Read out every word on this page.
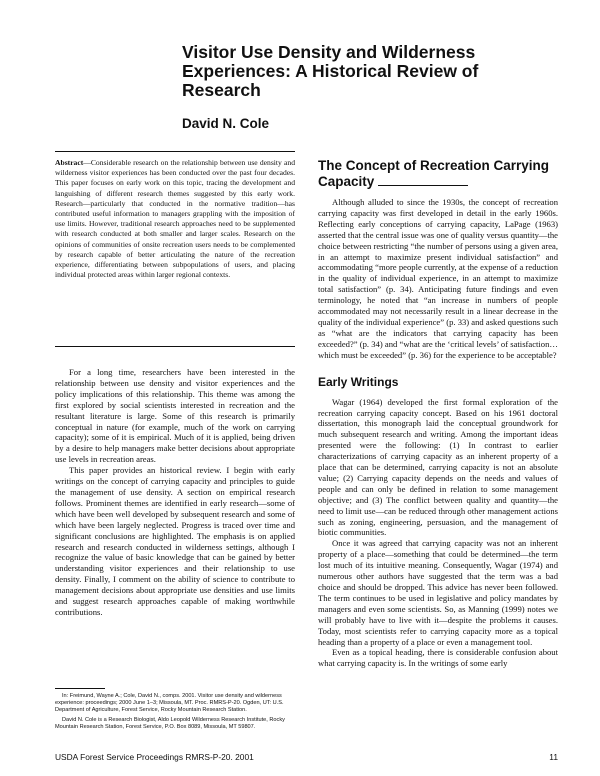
Visitor Use Density and Wilderness Experiences: A Historical Review of Research
David N. Cole

Abstract—Considerable research on the relationship between use density and wilderness visitor experiences has been conducted over the past four decades. This paper focuses on early work on this topic, tracing the development and languishing of different research themes suggested by this early work. Research—particularly that conducted in the normative tradition—has contributed useful information to managers grappling with the imposition of use limits. However, traditional research approaches need to be supplemented with research conducted at both smaller and larger scales. Research on the opinions of communities of onsite recreation users needs to be complemented by research capable of better articulating the nature of the recreation experience, differentiating between subpopulations of users, and placing individual protected areas within larger regional contexts.

For a long time, researchers have been interested in the relationship between use density and visitor experiences and the policy implications of this relationship. This theme was among the first explored by social scientists interested in recreation and the resultant literature is large. Some of this research is primarily conceptual in nature (for example, much of the work on carrying capacity); some of it is empirical. Much of it is applied, being driven by a desire to help managers make better decisions about appropriate use levels in recreation areas.

This paper provides an historical review. I begin with early writings on the concept of carrying capacity and principles to guide the management of use density. A section on empirical research follows. Prominent themes are identified in early research—some of which have been well developed by subsequent research and some of which have been largely neglected. Progress is traced over time and significant conclusions are highlighted. The emphasis is on applied research and research conducted in wilderness settings, although I recognize the value of basic knowledge that can be gained by better understanding visitor experiences and their relationship to use density. Finally, I comment on the ability of science to contribute to management decisions about appropriate use densities and use limits and suggest research approaches capable of making worthwhile contributions.

The Concept of Recreation Carrying Capacity

Although alluded to since the 1930s, the concept of recreation carrying capacity was first developed in detail in the early 1960s. Reflecting early conceptions of carrying capacity, LaPage (1963) asserted that the central issue was one of quality versus quantity—the choice between restricting “the number of persons using a given area, in an attempt to maximize present individual satisfaction” and accommodating “more people currently, at the expense of a reduction in the quality of individual experience, in an attempt to maximize total satisfaction” (p. 34). Anticipating future findings and even terminology, he noted that “an increase in numbers of people accommodated may not necessarily result in a linear decrease in the quality of the individual experience” (p. 33) and asked questions such as “what are the indicators that carrying capacity has been exceeded?” (p. 34) and “what are the ‘critical levels’ of satisfaction…which must be exceeded” (p. 36) for the experience to be acceptable?

Early Writings

Wagar (1964) developed the first formal exploration of the recreation carrying capacity concept. Based on his 1961 doctoral dissertation, this monograph laid the conceptual groundwork for much subsequent research and writing. Among the important ideas presented were the following: (1) In contrast to earlier characterizations of carrying capacity as an inherent property of a place that can be determined, carrying capacity is not an absolute value; (2) Carrying capacity depends on the needs and values of people and can only be defined in relation to some management objective; and (3) The conflict between quality and quantity—the need to limit use—can be reduced through other management actions such as zoning, engineering, persuasion, and the management of biotic communities.

Once it was agreed that carrying capacity was not an inherent property of a place—something that could be determined—the term lost much of its intuitive meaning. Consequently, Wagar (1974) and numerous other authors have suggested that the term was a bad choice and should be dropped. This advice has never been followed. The term continues to be used in legislative and policy mandates by managers and even some scientists. So, as Manning (1999) notes we will probably have to live with it—despite the problems it causes. Today, most scientists refer to carrying capacity more as a topical heading than a property of a place or even a management tool.

Even as a topical heading, there is considerable confusion about what carrying capacity is. In the writings of some early

In: Freimund, Wayne A.; Cole, David N., comps. 2001. Visitor use density and wilderness experience: proceedings; 2000 June 1–3; Missoula, MT. Proc. RMRS-P-20. Ogden, UT: U.S. Department of Agriculture, Forest Service, Rocky Mountain Research Station.

David N. Cole is a Research Biologist, Aldo Leopold Wilderness Research Institute, Rocky Mountain Research Station, Forest Service, P.O. Box 8089, Missoula, MT 59807.

USDA Forest Service Proceedings RMRS-P-20. 2001	11
